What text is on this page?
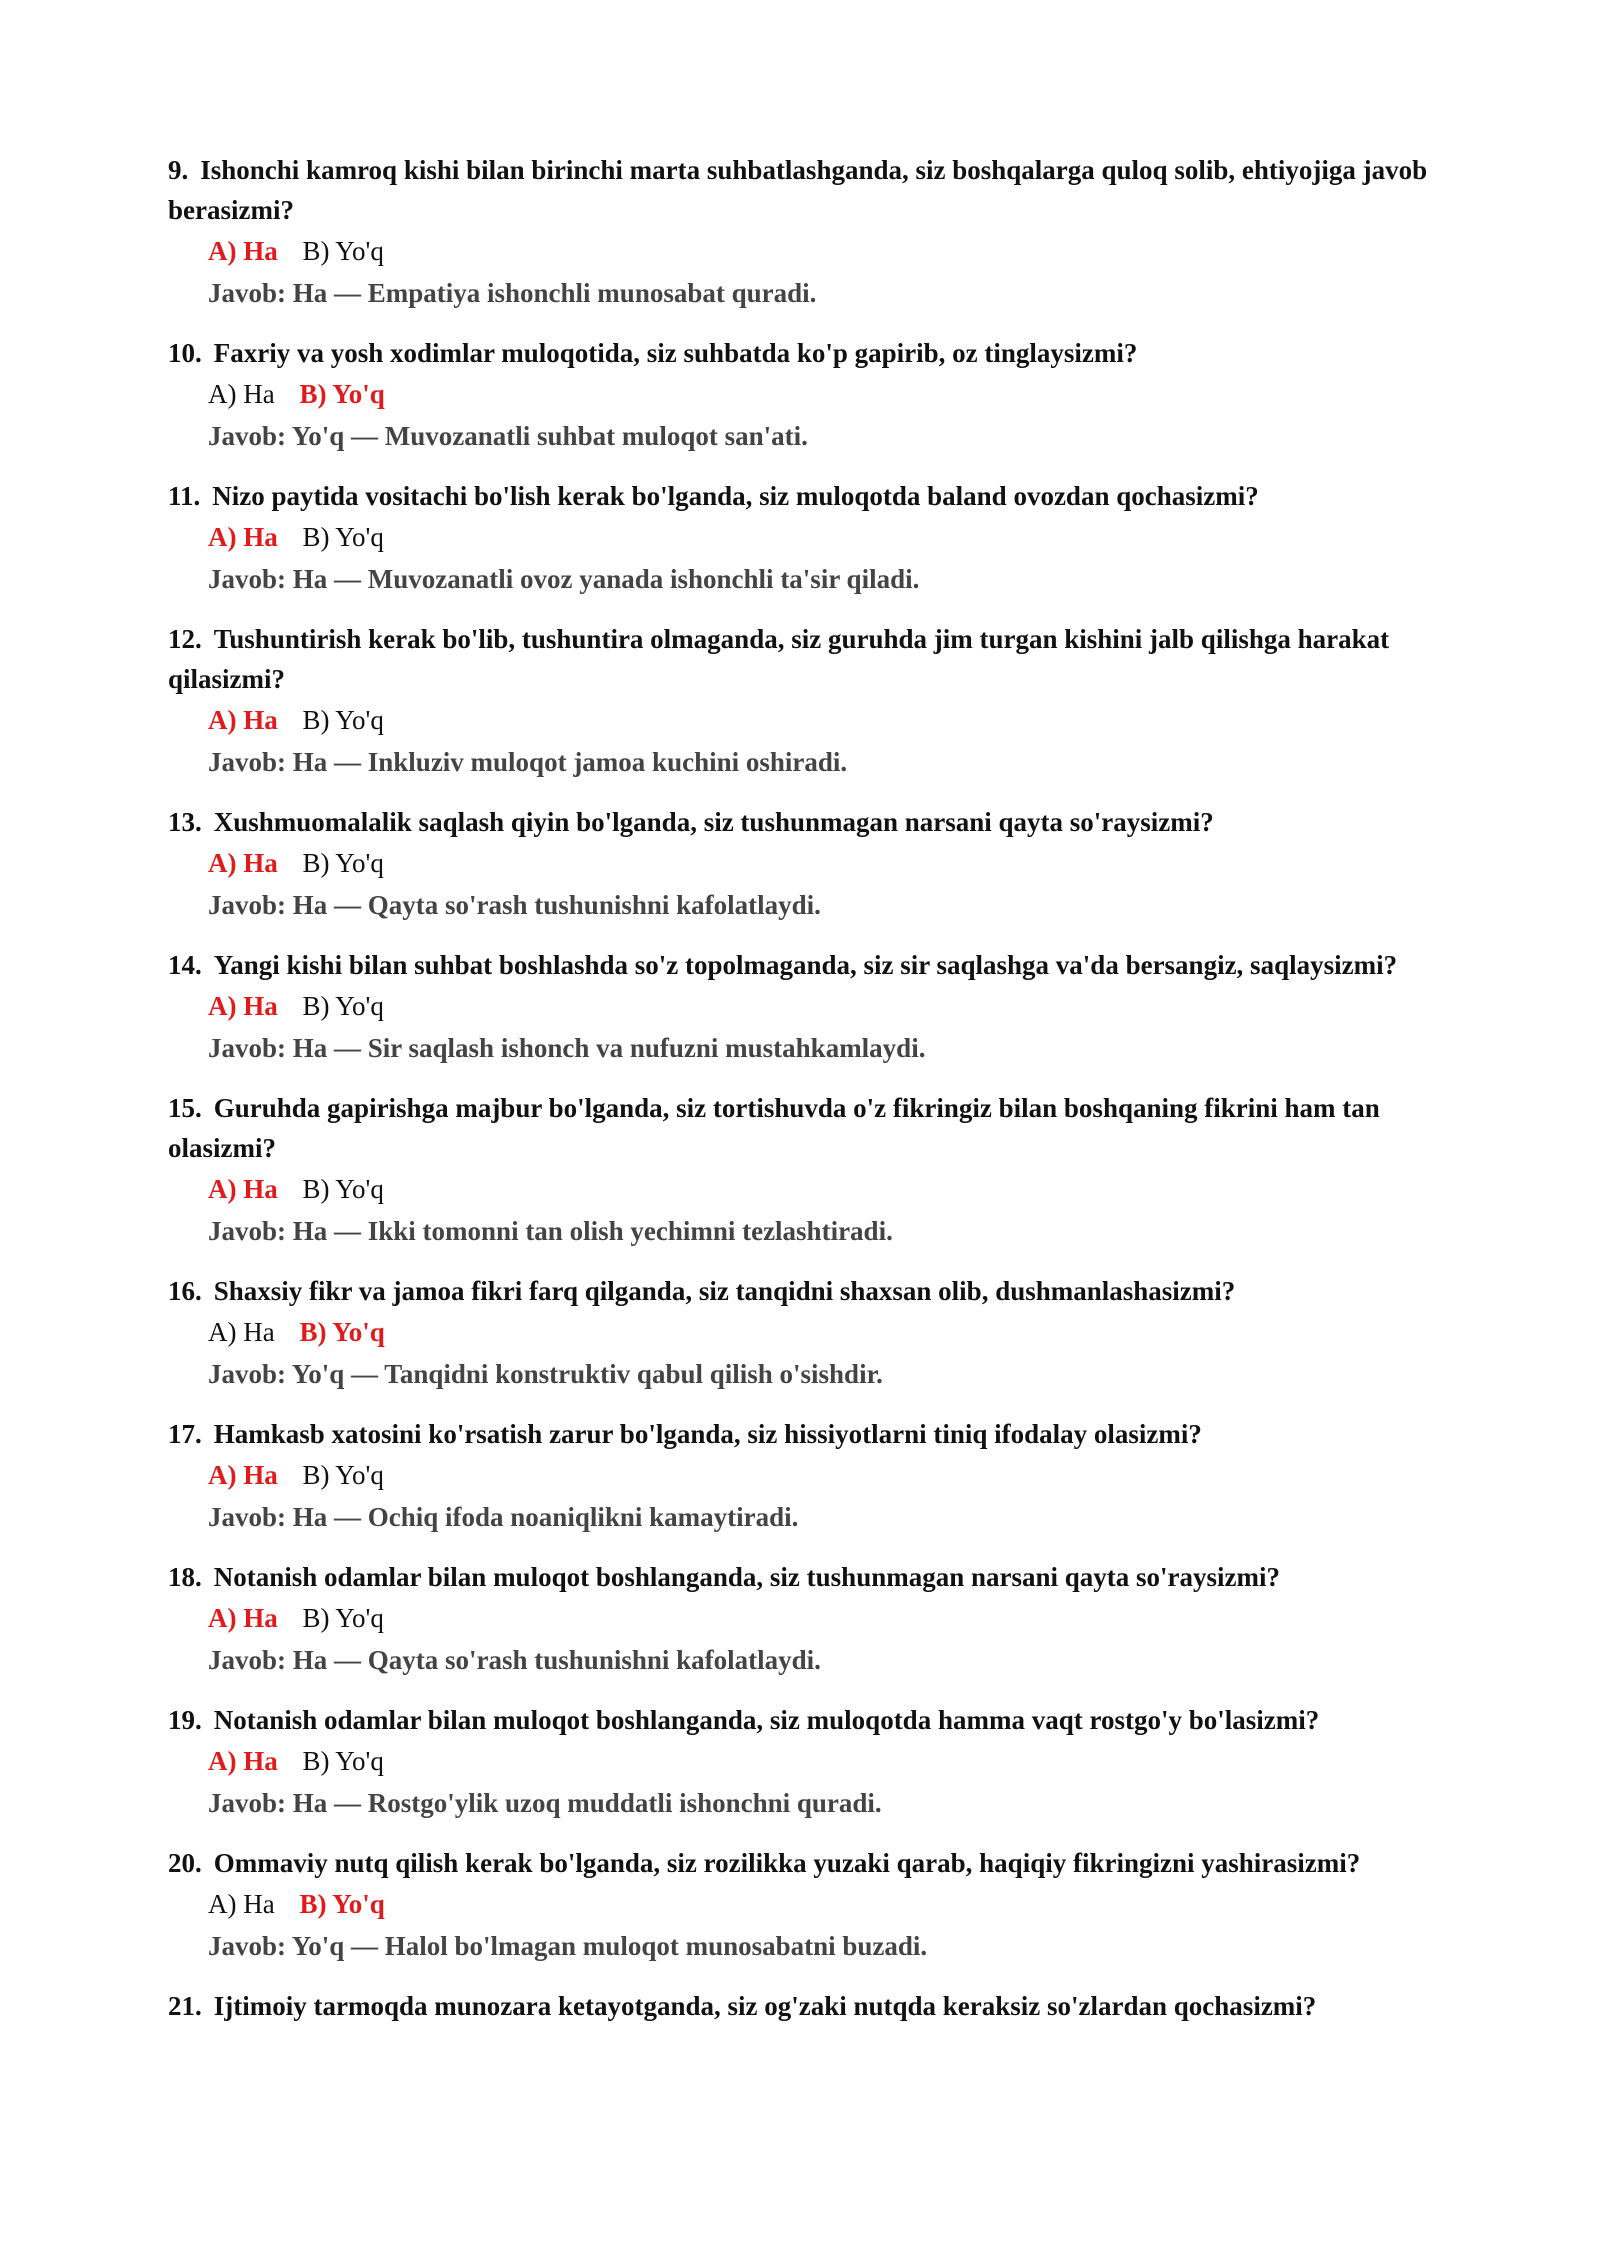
9. Ishonchi kamroq kishi bilan birinchi marta suhbatlashganda, siz boshqalarga quloq solib, ehtiyojiga javob berasizmi?
A) Ha B) Yo'q
Javob: Ha — Empatiya ishonchli munosabat quradi.
10. Faxriy va yosh xodimlar muloqotida, siz suhbatda ko'p gapirib, oz tinglaysizmi?
A) Ha B) Yo'q
Javob: Yo'q — Muvozanatli suhbat muloqot san'ati.
11. Nizo paytida vositachi bo'lish kerak bo'lganda, siz muloqotda baland ovozdan qochasizmi?
A) Ha B) Yo'q
Javob: Ha — Muvozanatli ovoz yanada ishonchli ta'sir qiladi.
12. Tushuntirish kerak bo'lib, tushuntira olmaganda, siz guruhda jim turgan kishini jalb qilishga harakat qilasizmi?
A) Ha B) Yo'q
Javob: Ha — Inkluziv muloqot jamoa kuchini oshiradi.
13. Xushmuomalalik saqlash qiyin bo'lganda, siz tushunmagan narsani qayta so'raysizmi?
A) Ha B) Yo'q
Javob: Ha — Qayta so'rash tushunishni kafolatlaydi.
14. Yangi kishi bilan suhbat boshlashda so'z topolmaganda, siz sir saqlashga va'da bersangiz, saqlaysizmi?
A) Ha B) Yo'q
Javob: Ha — Sir saqlash ishonch va nufuzni mustahkamlaydi.
15. Guruhda gapirishga majbur bo'lganda, siz tortishuvda o'z fikringiz bilan boshqaning fikrini ham tan olasizmi?
A) Ha B) Yo'q
Javob: Ha — Ikki tomonni tan olish yechimni tezlashtiradi.
16. Shaxsiy fikr va jamoa fikri farq qilganda, siz tanqidni shaxsan olib, dushmanlashasizmi?
A) Ha B) Yo'q
Javob: Yo'q — Tanqidni konstruktiv qabul qilish o'sishdir.
17. Hamkasb xatosini ko'rsatish zarur bo'lganda, siz hissiyotlarni tiniq ifodalay olasizmi?
A) Ha B) Yo'q
Javob: Ha — Ochiq ifoda noaniqlikni kamaytiradi.
18. Notanish odamlar bilan muloqot boshlanganda, siz tushunmagan narsani qayta so'raysizmi?
A) Ha B) Yo'q
Javob: Ha — Qayta so'rash tushunishni kafolatlaydi.
19. Notanish odamlar bilan muloqot boshlanganda, siz muloqotda hamma vaqt rostgo'y bo'lasizmi?
A) Ha B) Yo'q
Javob: Ha — Rostgo'ylik uzoq muddatli ishonchni quradi.
20. Ommaviy nutq qilish kerak bo'lganda, siz rozilikka yuzaki qarab, haqiqiy fikringizni yashirasizmi?
A) Ha B) Yo'q
Javob: Yo'q — Halol bo'lmagan muloqot munosabatni buzadi.
21. Ijtimoiy tarmoqda munozara ketayotganda, siz og'zaki nutqda keraksiz so'zlardan qochasizmi?
